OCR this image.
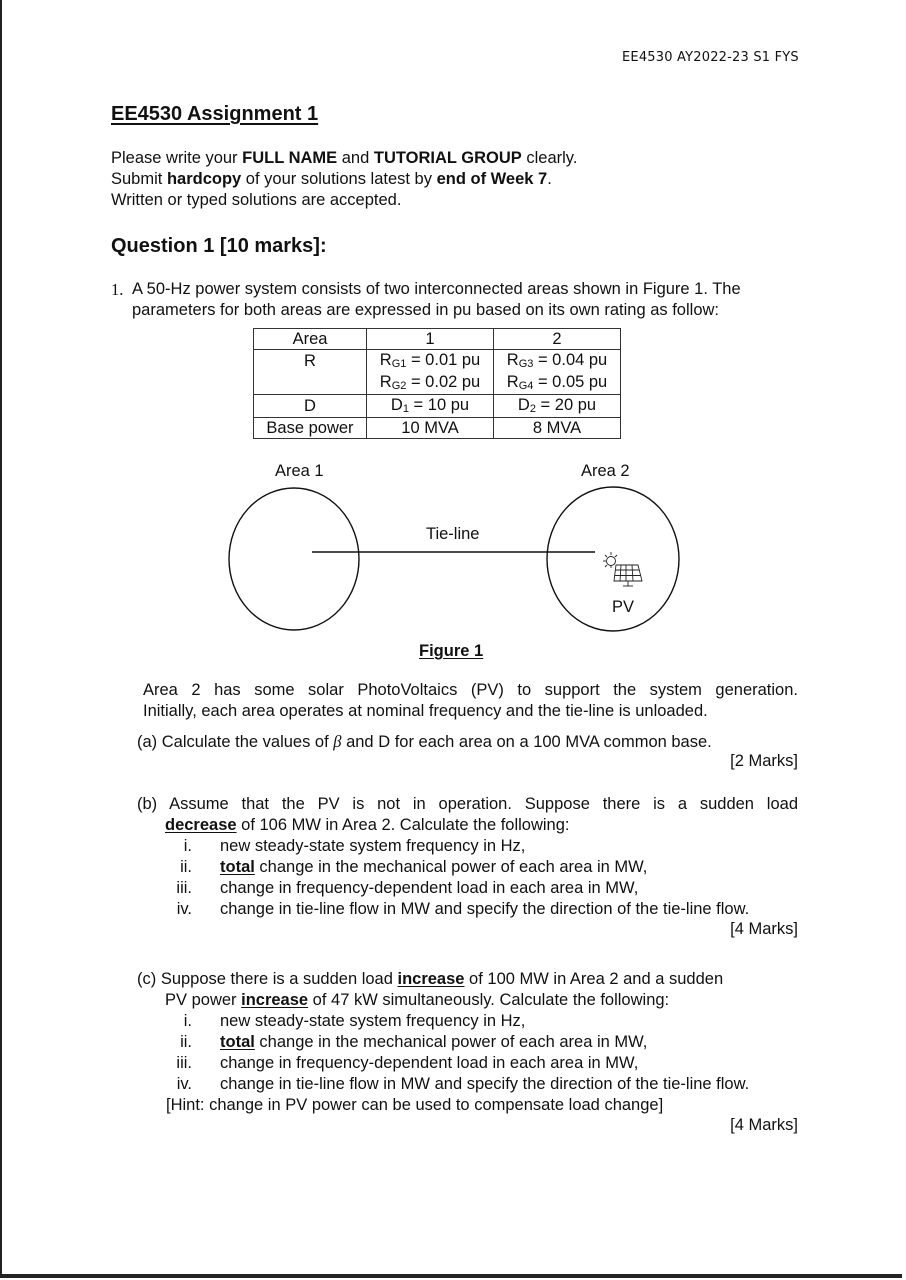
EE4530 AY2022-23 S1 FYS
EE4530 Assignment 1
Please write your FULL NAME and TUTORIAL GROUP clearly.
Submit hardcopy of your solutions latest by end of Week 7.
Written or typed solutions are accepted.
Question 1 [10 marks]:
1. A 50-Hz power system consists of two interconnected areas shown in Figure 1. The
parameters for both areas are expressed in pu based on its own rating as follow:
Area	1	2
R	$R_{G1} = 0.01$ pu	$R_{G3} = 0.04$ pu
	$R_{G2} = 0.02$ pu	$R_{G4} = 0.05$ pu
D	$D_1 = 10$ pu	$D_2 = 20$ pu
Base power	10 MVA	8 MVA
Area 1	Area 2
Tie-line
PV
Figure 1
Area 2 has some solar PhotoVoltaics (PV) to support the system generation.
Initially, each area operates at nominal frequency and the tie-line is unloaded.
(a) Calculate the values of β and D for each area on a 100 MVA common base.
[2 Marks]
(b) Assume that the PV is not in operation. Suppose there is a sudden load
decrease of 106 MW in Area 2. Calculate the following:
i. new steady-state system frequency in Hz,
ii. total change in the mechanical power of each area in MW,
iii. change in frequency-dependent load in each area in MW,
iv. change in tie-line flow in MW and specify the direction of the tie-line flow.
[4 Marks]
(c) Suppose there is a sudden load increase of 100 MW in Area 2 and a sudden
PV power increase of 47 kW simultaneously. Calculate the following:
i. new steady-state system frequency in Hz,
ii. total change in the mechanical power of each area in MW,
iii. change in frequency-dependent load in each area in MW,
iv. change in tie-line flow in MW and specify the direction of the tie-line flow.
[Hint: change in PV power can be used to compensate load change]
[4 Marks]
